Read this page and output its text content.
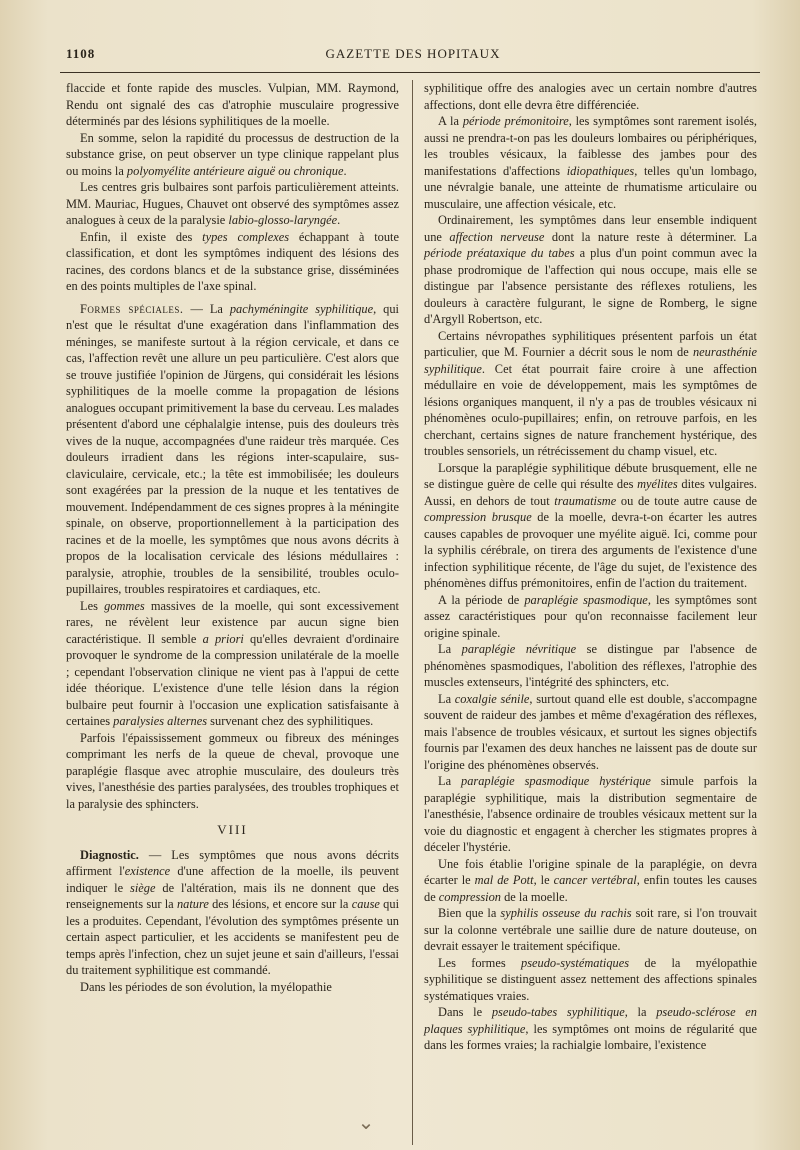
1108	GAZETTE DES HOPITAUX

flaccide et fonte rapide des muscles. Vulpian, MM. Raymond, Rendu ont signalé des cas d'atrophie musculaire progressive déterminés par des lésions syphilitiques de la moelle.

En somme, selon la rapidité du processus de destruction de la substance grise, on peut observer un type clinique rappelant plus ou moins la polyomyélite antérieure aiguë ou chronique.

Les centres gris bulbaires sont parfois particulièrement atteints. MM. Mauriac, Hugues, Chauvet ont observé des symptômes assez analogues à ceux de la paralysie labio-glosso-laryngée.

Enfin, il existe des types complexes échappant à toute classification, et dont les symptômes indiquent des lésions des racines, des cordons blancs et de la substance grise, disséminées en des points multiples de l'axe spinal.

Formes spéciales. — La pachyméningite syphilitique, qui n'est que le résultat d'une exagération dans l'inflammation des méninges, se manifeste surtout à la région cervicale, et dans ce cas, l'affection revêt une allure un peu particulière. C'est alors que se trouve justifiée l'opinion de Jürgens, qui considérait les lésions syphilitiques de la moelle comme la propagation de lésions analogues occupant primitivement la base du cerveau. Les malades présentent d'abord une céphalalgie intense, puis des douleurs très vives de la nuque, accompagnées d'une raideur très marquée. Ces douleurs irradient dans les régions inter-scapulaire, sus-claviculaire, cervicale, etc.; la tête est immobilisée; les douleurs sont exagérées par la pression de la nuque et les tentatives de mouvement. Indépendamment de ces signes propres à la méningite spinale, on observe, proportionnellement à la participation des racines et de la moelle, les symptômes que nous avons décrits à propos de la localisation cervicale des lésions médullaires : paralysie, atrophie, troubles de la sensibilité, troubles oculo-pupillaires, troubles respiratoires et cardiaques, etc.

Les gommes massives de la moelle, qui sont excessivement rares, ne révèlent leur existence par aucun signe bien caractéristique. Il semble a priori qu'elles devraient d'ordinaire provoquer le syndrome de la compression unilatérale de la moelle ; cependant l'observation clinique ne vient pas à l'appui de cette idée théorique. L'existence d'une telle lésion dans la région bulbaire peut fournir à l'occasion une explication satisfaisante à certaines paralysies alternes survenant chez des syphilitiques.

Parfois l'épaississement gommeux ou fibreux des méninges comprimant les nerfs de la queue de cheval, provoque une paraplégie flasque avec atrophie musculaire, des douleurs très vives, l'anesthésie des parties paralysées, des troubles trophiques et la paralysie des sphincters.

VIII

Diagnostic. — Les symptômes que nous avons décrits affirment l'existence d'une affection de la moelle, ils peuvent indiquer le siège de l'altération, mais ils ne donnent que des renseignements sur la nature des lésions, et encore sur la cause qui les a produites. Cependant, l'évolution des symptômes présente un certain aspect particulier, et les accidents se manifestent peu de temps après l'infection, chez un sujet jeune et sain d'ailleurs, l'essai du traitement syphilitique est commandé.

Dans les périodes de son évolution, la myélopathie

syphilitique offre des analogies avec un certain nombre d'autres affections, dont elle devra être différenciée.

A la période prémonitoire, les symptômes sont rarement isolés, aussi ne prendra-t-on pas les douleurs lombaires ou périphériques, les troubles vésicaux, la faiblesse des jambes pour des manifestations d'affections idiopathiques, telles qu'un lombago, une névralgie banale, une atteinte de rhumatisme articulaire ou musculaire, une affection vésicale, etc.

Ordinairement, les symptômes dans leur ensemble indiquent une affection nerveuse dont la nature reste à déterminer. La période préataxique du tabes a plus d'un point commun avec la phase prodromique de l'affection qui nous occupe, mais elle se distingue par l'absence persistante des réflexes rotuliens, les douleurs à caractère fulgurant, le signe de Romberg, le signe d'Argyll Robertson, etc.

Certains névropathes syphilitiques présentent parfois un état particulier, que M. Fournier a décrit sous le nom de neurasthénie syphilitique. Cet état pourrait faire croire à une affection médullaire en voie de développement, mais les symptômes de lésions organiques manquent, il n'y a pas de troubles vésicaux ni phénomènes oculo-pupillaires; enfin, on retrouve parfois, en les cherchant, certains signes de nature franchement hystérique, des troubles sensoriels, un rétrécissement du champ visuel, etc.

Lorsque la paraplégie syphilitique débute brusquement, elle ne se distingue guère de celle qui résulte des myélites dites vulgaires. Aussi, en dehors de tout traumatisme ou de toute autre cause de compression brusque de la moelle, devra-t-on écarter les autres causes capables de provoquer une myélite aiguë. Ici, comme pour la syphilis cérébrale, on tirera des arguments de l'existence d'une infection syphilitique récente, de l'âge du sujet, de l'existence des phénomènes diffus prémonitoires, enfin de l'action du traitement.

A la période de paraplégie spasmodique, les symptômes sont assez caractéristiques pour qu'on reconnaisse facilement leur origine spinale.

La paraplégie névritique se distingue par l'absence de phénomènes spasmodiques, l'abolition des réflexes, l'atrophie des muscles extenseurs, l'intégrité des sphincters, etc.

La coxalgie sénile, surtout quand elle est double, s'accompagne souvent de raideur des jambes et même d'exagération des réflexes, mais l'absence de troubles vésicaux, et surtout les signes objectifs fournis par l'examen des deux hanches ne laissent pas de doute sur l'origine des phénomènes observés.

La paraplégie spasmodique hystérique simule parfois la paraplégie syphilitique, mais la distribution segmentaire de l'anesthésie, l'absence ordinaire de troubles vésicaux mettent sur la voie du diagnostic et engagent à chercher les stigmates propres à déceler l'hystérie.

Une fois établie l'origine spinale de la paraplégie, on devra écarter le mal de Pott, le cancer vertébral, enfin toutes les causes de compression de la moelle.

Bien que la syphilis osseuse du rachis soit rare, si l'on trouvait sur la colonne vertébrale une saillie dure de nature douteuse, on devrait essayer le traitement spécifique.

Les formes pseudo-systématiques de la myélopathie syphilitique se distinguent assez nettement des affections spinales systématiques vraies.

Dans le pseudo-tabes syphilitique, la pseudo-sclérose en plaques syphilitique, les symptômes ont moins de régularité que dans les formes vraies; la rachialgie lombaire, l'existence

⌄
